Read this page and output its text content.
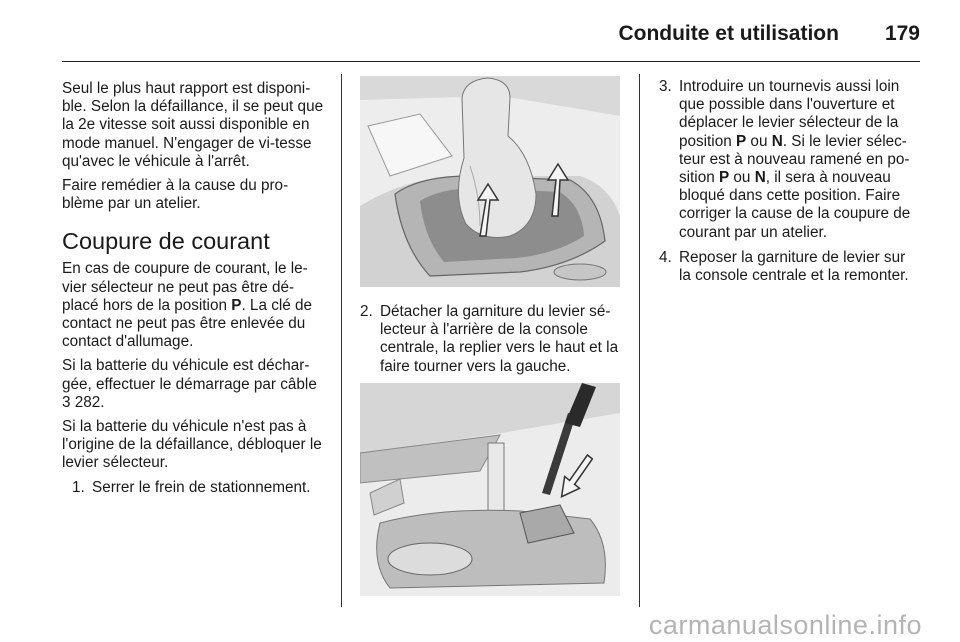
Conduite et utilisation 179

Seul le plus haut rapport est disponi‐ble. Selon la défaillance, il se peut que la 2e vitesse soit aussi disponible en mode manuel. N'engager de vi‐tesse qu'avec le véhicule à l'arrêt.

Faire remédier à la cause du pro‐blème par un atelier.

Coupure de courant

En cas de coupure de courant, le le‐vier sélecteur ne peut pas être dé‐placé hors de la position P. La clé de contact ne peut pas être enlevée du contact d'allumage.

Si la batterie du véhicule est déchar‐gée, effectuer le démarrage par câble
3 282.

Si la batterie du véhicule n'est pas à l'origine de la défaillance, débloquer le levier sélecteur.

1. Serrer le frein de stationnement.
2. Détacher la garniture du levier sé‐lecteur à l'arrière de la console centrale, la replier vers le haut et la faire tourner vers la gauche.
3. Introduire un tournevis aussi loin que possible dans l'ouverture et déplacer le levier sélecteur de la position P ou N. Si le levier sélec‐teur est à nouveau ramené en po‐sition P ou N, il sera à nouveau bloqué dans cette position. Faire corriger la cause de la coupure de courant par un atelier.
4. Reposer la garniture de levier sur la console centrale et la remonter.
carmanualsonline.info
